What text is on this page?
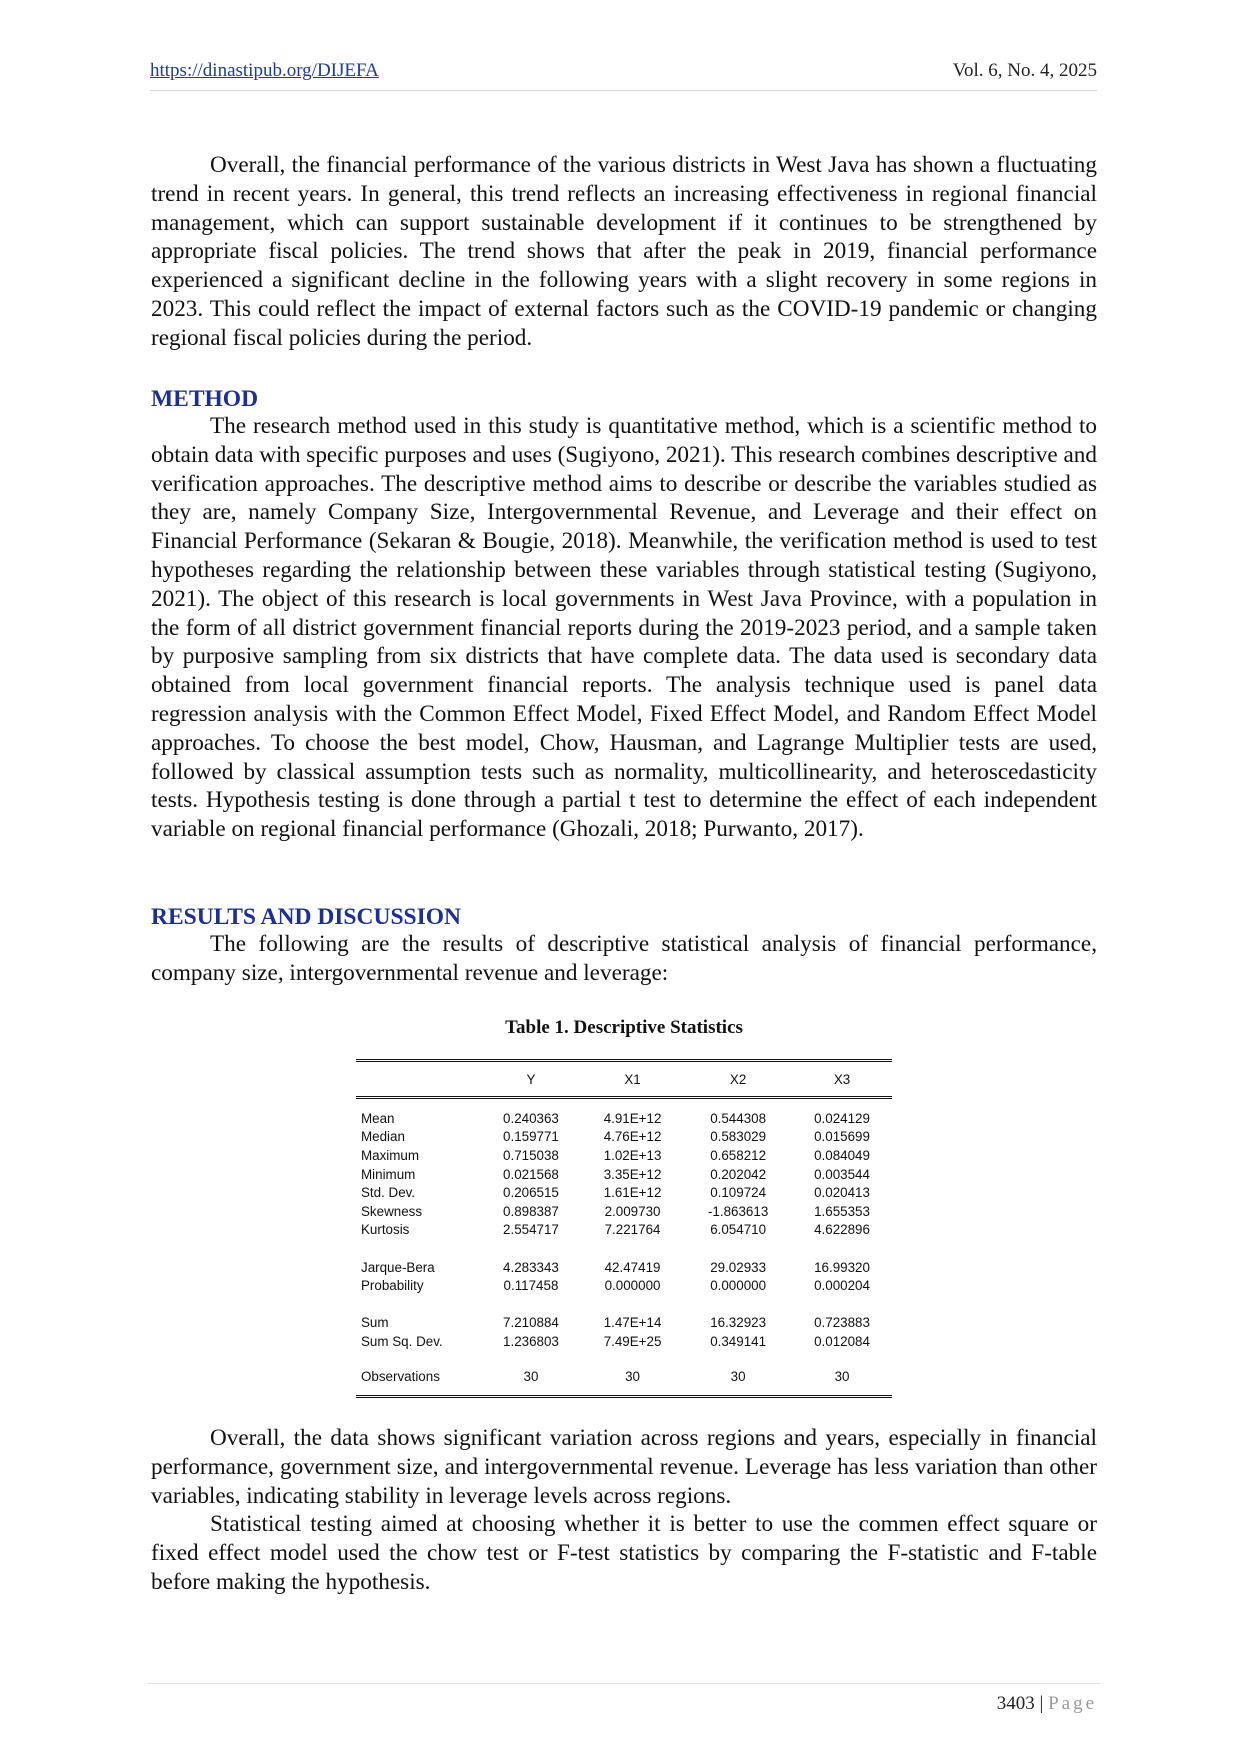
https://dinastipub.org/DIJEFA	Vol. 6, No. 4, 2025

Overall, the financial performance of the various districts in West Java has shown a fluctuating trend in recent years. In general, this trend reflects an increasing effectiveness in regional financial management, which can support sustainable development if it continues to be strengthened by appropriate fiscal policies. The trend shows that after the peak in 2019, financial performance experienced a significant decline in the following years with a slight recovery in some regions in 2023. This could reflect the impact of external factors such as the COVID-19 pandemic or changing regional fiscal policies during the period.

METHOD

The research method used in this study is quantitative method, which is a scientific method to obtain data with specific purposes and uses (Sugiyono, 2021). This research combines descriptive and verification approaches. The descriptive method aims to describe or describe the variables studied as they are, namely Company Size, Intergovernmental Revenue, and Leverage and their effect on Financial Performance (Sekaran & Bougie, 2018). Meanwhile, the verification method is used to test hypotheses regarding the relationship between these variables through statistical testing (Sugiyono, 2021). The object of this research is local governments in West Java Province, with a population in the form of all district government financial reports during the 2019-2023 period, and a sample taken by purposive sampling from six districts that have complete data. The data used is secondary data obtained from local government financial reports. The analysis technique used is panel data regression analysis with the Common Effect Model, Fixed Effect Model, and Random Effect Model approaches. To choose the best model, Chow, Hausman, and Lagrange Multiplier tests are used, followed by classical assumption tests such as normality, multicollinearity, and heteroscedasticity tests. Hypothesis testing is done through a partial t test to determine the effect of each independent variable on regional financial performance (Ghozali, 2018; Purwanto, 2017).

RESULTS AND DISCUSSION

The following are the results of descriptive statistical analysis of financial performance, company size, intergovernmental revenue and leverage:

Table 1. Descriptive Statistics
	Y	X1	X2	X3

Mean	0.240363	4.91E+12	0.544308	0.024129
Median	0.159771	4.76E+12	0.583029	0.015699
Maximum	0.715038	1.02E+13	0.658212	0.084049
Minimum	0.021568	3.35E+12	0.202042	0.003544
Std. Dev.	0.206515	1.61E+12	0.109724	0.020413
Skewness	0.898387	2.009730	-1.863613	1.655353
Kurtosis	2.554717	7.221764	6.054710	4.622896

Jarque-Bera	4.283343	42.47419	29.02933	16.99320
Probability	0.117458	0.000000	0.000000	0.000204

Sum	7.210884	1.47E+14	16.32923	0.723883
Sum Sq. Dev.	1.236803	7.49E+25	0.349141	0.012084

Observations	30	30	30	30

Overall, the data shows significant variation across regions and years, especially in financial performance, government size, and intergovernmental revenue. Leverage has less variation than other variables, indicating stability in leverage levels across regions.

Statistical testing aimed at choosing whether it is better to use the commen effect square or fixed effect model used the chow test or F-test statistics by comparing the F-statistic and F-table before making the hypothesis.

3403 | Page
